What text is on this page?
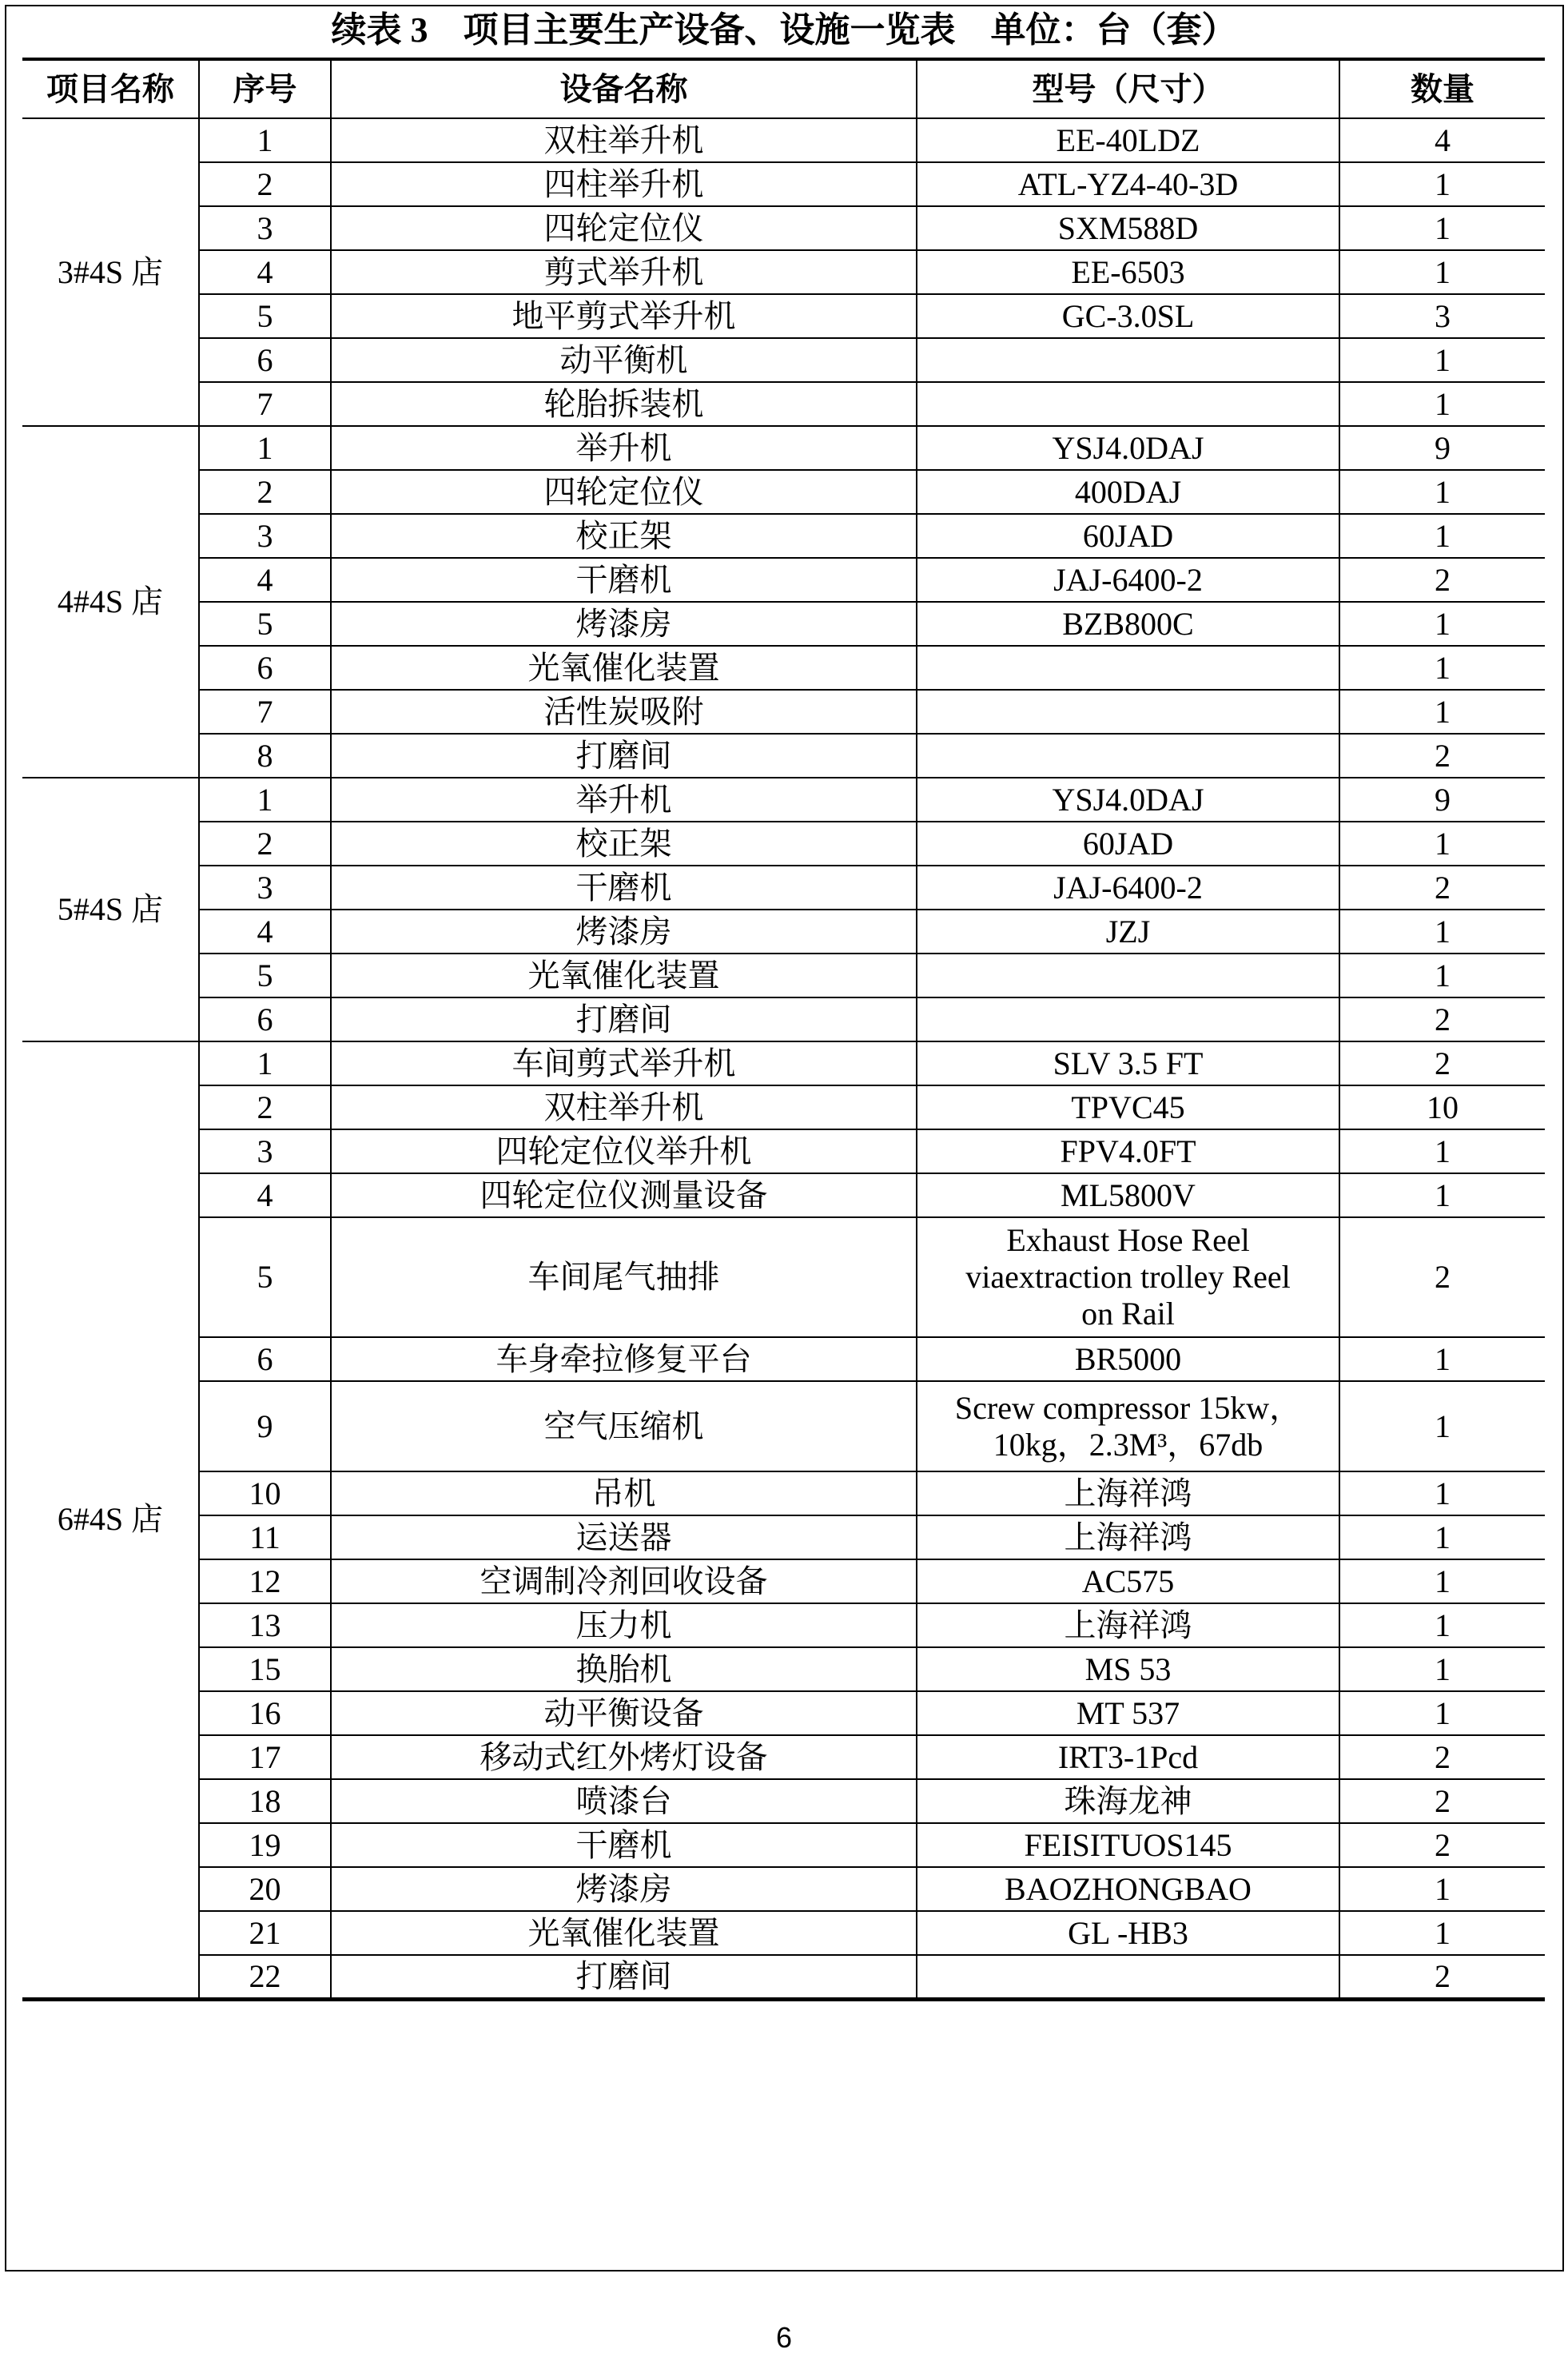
续表 3    项目主要生产设备、设施一览表    单位：台（套）
项目名称	序号	设备名称	型号（尺寸）	数量
3#4S 店	1	双柱举升机	EE-40LDZ	4
	2	四柱举升机	ATL-YZ4-40-3D	1
	3	四轮定位仪	SXM588D	1
	4	剪式举升机	EE-6503	1
	5	地平剪式举升机	GC-3.0SL	3
	6	动平衡机		1
	7	轮胎拆装机		1
4#4S 店	1	举升机	YSJ4.0DAJ	9
	2	四轮定位仪	400DAJ	1
	3	校正架	60JAD	1
	4	干磨机	JAJ-6400-2	2
	5	烤漆房	BZB800C	1
	6	光氧催化装置		1
	7	活性炭吸附		1
	8	打磨间		2
5#4S 店	1	举升机	YSJ4.0DAJ	9
	2	校正架	60JAD	1
	3	干磨机	JAJ-6400-2	2
	4	烤漆房	JZJ	1
	5	光氧催化装置		1
	6	打磨间		2
6#4S 店	1	车间剪式举升机	SLV 3.5 FT	2
	2	双柱举升机	TPVC45	10
	3	四轮定位仪举升机	FPV4.0FT	1
	4	四轮定位仪测量设备	ML5800V	1
	5	车间尾气抽排	Exhaust Hose Reel
viaextraction trolley Reel
on Rail	2
	6	车身牵拉修复平台	BR5000	1
	9	空气压缩机	Screw compressor 15kw，
10kg，2.3M³，67db	1
	10	吊机	上海祥鸿	1
	11	运送器	上海祥鸿	1
	12	空调制冷剂回收设备	AC575	1
	13	压力机	上海祥鸿	1
	15	换胎机	MS 53	1
	16	动平衡设备	MT 537	1
	17	移动式红外烤灯设备	IRT3-1Pcd	2
	18	喷漆台	珠海龙神	2
	19	干磨机	FEISITUOS145	2
	20	烤漆房	BAOZHONGBAO	1
	21	光氧催化装置	GL -HB3	1
	22	打磨间		2
6
